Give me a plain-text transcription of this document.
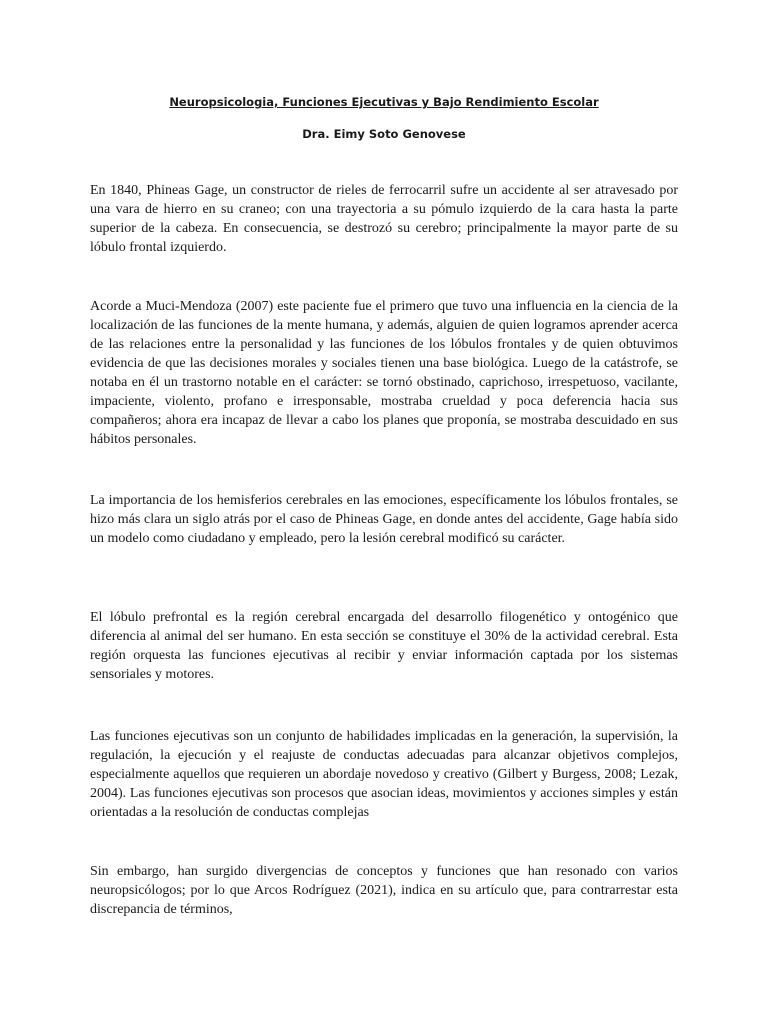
Neuropsicologia, Funciones Ejecutivas y Bajo Rendimiento Escolar
Dra. Eimy Soto Genovese

En 1840, Phineas Gage, un constructor de rieles de ferrocarril sufre un accidente al ser atravesado por una vara de hierro en su craneo; con una trayectoria a su pómulo izquierdo de la cara hasta la parte superior de la cabeza. En consecuencia, se destrozó su cerebro; principalmente la mayor parte de su lóbulo frontal izquierdo.

Acorde a Muci-Mendoza (2007) este paciente fue el primero que tuvo una influencia en la ciencia de la localización de las funciones de la mente humana, y además, alguien de quien logramos aprender acerca de las relaciones entre la personalidad y las funciones de los lóbulos frontales y de quien obtuvimos evidencia de que las decisiones morales y sociales tienen una base biológica. Luego de la catástrofe, se notaba en él un trastorno notable en el carácter: se tornó obstinado, caprichoso, irrespetuoso, vacilante, impaciente, violento, profano e irresponsable, mostraba crueldad y poca deferencia hacia sus compañeros; ahora era incapaz de llevar a cabo los planes que proponía, se mostraba descuidado en sus hábitos personales.

La importancia de los hemisferios cerebrales en las emociones, específicamente los lóbulos frontales, se hizo más clara un siglo atrás por el caso de Phineas Gage, en donde antes del accidente, Gage había sido un modelo como ciudadano y empleado, pero la lesión cerebral modificó su carácter.

El lóbulo prefrontal es la región cerebral encargada del desarrollo filogenético y ontogénico que diferencia al animal del ser humano. En esta sección se constituye el 30% de la actividad cerebral. Esta región orquesta las funciones ejecutivas al recibir y enviar información captada por los sistemas sensoriales y motores.

Las funciones ejecutivas son un conjunto de habilidades implicadas en la generación, la supervisión, la regulación, la ejecución y el reajuste de conductas adecuadas para alcanzar objetivos complejos, especialmente aquellos que requieren un abordaje novedoso y creativo (Gilbert y Burgess, 2008; Lezak, 2004). Las funciones ejecutivas son procesos que asocian ideas, movimientos y acciones simples y están orientadas a la resolución de conductas complejas

Sin embargo, han surgido divergencias de conceptos y funciones que han resonado con varios neuropsicólogos; por lo que Arcos Rodríguez (2021), indica en su artículo que, para contrarrestar esta discrepancia de términos,
